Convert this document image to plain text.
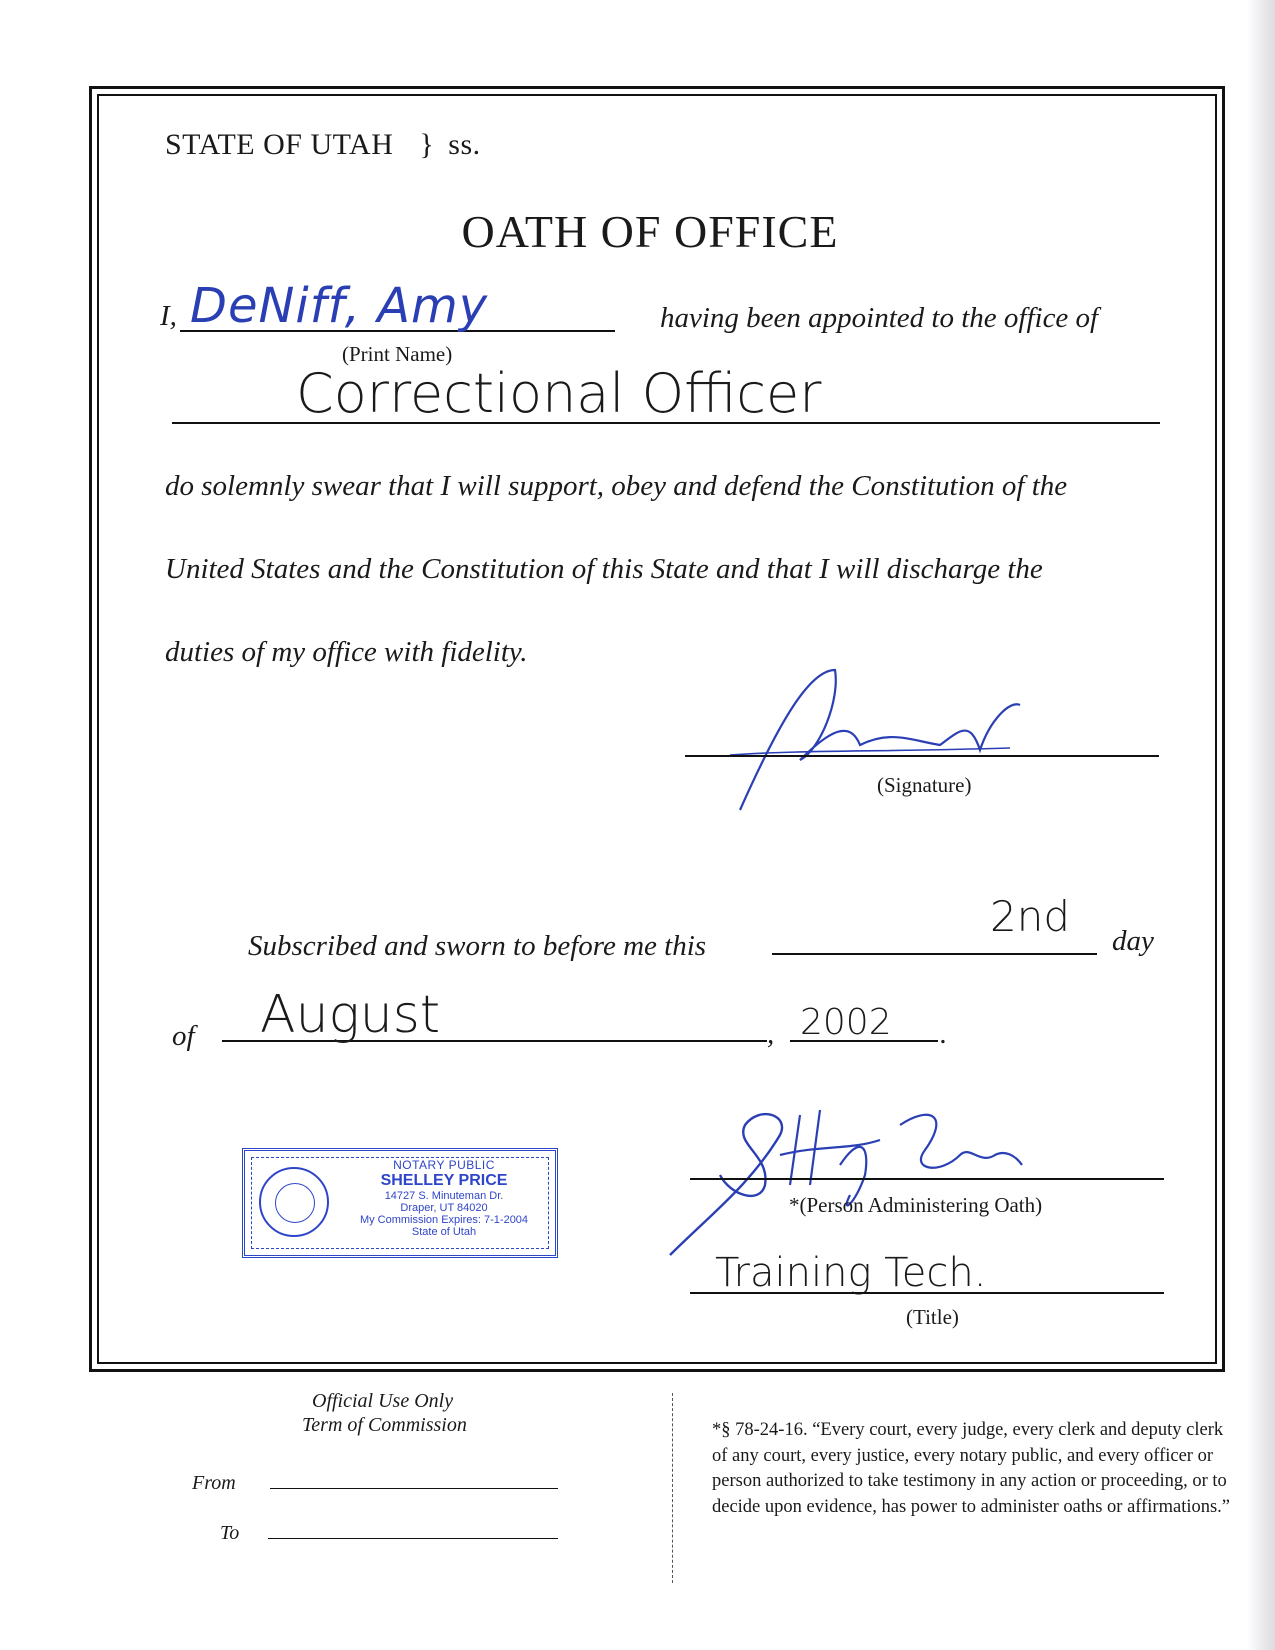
STATE OF UTAH } ss.
OATH OF OFFICE
I, DeNiff, Amy
(Print Name)
having been appointed to the office of
Correctional Officer
do solemnly swear that I will support, obey and defend the Constitution of the
United States and the Constitution of this State and that I will discharge the
duties of my office with fidelity.
(Signature)
Subscribed and sworn to before me this
2nd day
of August	, 2002 .
NOTARY PUBLIC
SHELLEY PRICE
14727 S. Minuteman Dr.
Draper, UT 84020
My Commission Expires: 7-1-2004
State of Utah
*(Person Administering Oath)
Training Tech.
(Title)
Official Use Only
Term of Commission
From
To
*§ 78-24-16. “Every court, every judge, every clerk and deputy clerk of any court, every justice, every notary public, and every officer or person authorized to take testimony in any action or proceeding, or to decide upon evidence, has power to administer oaths or affirmations.”
